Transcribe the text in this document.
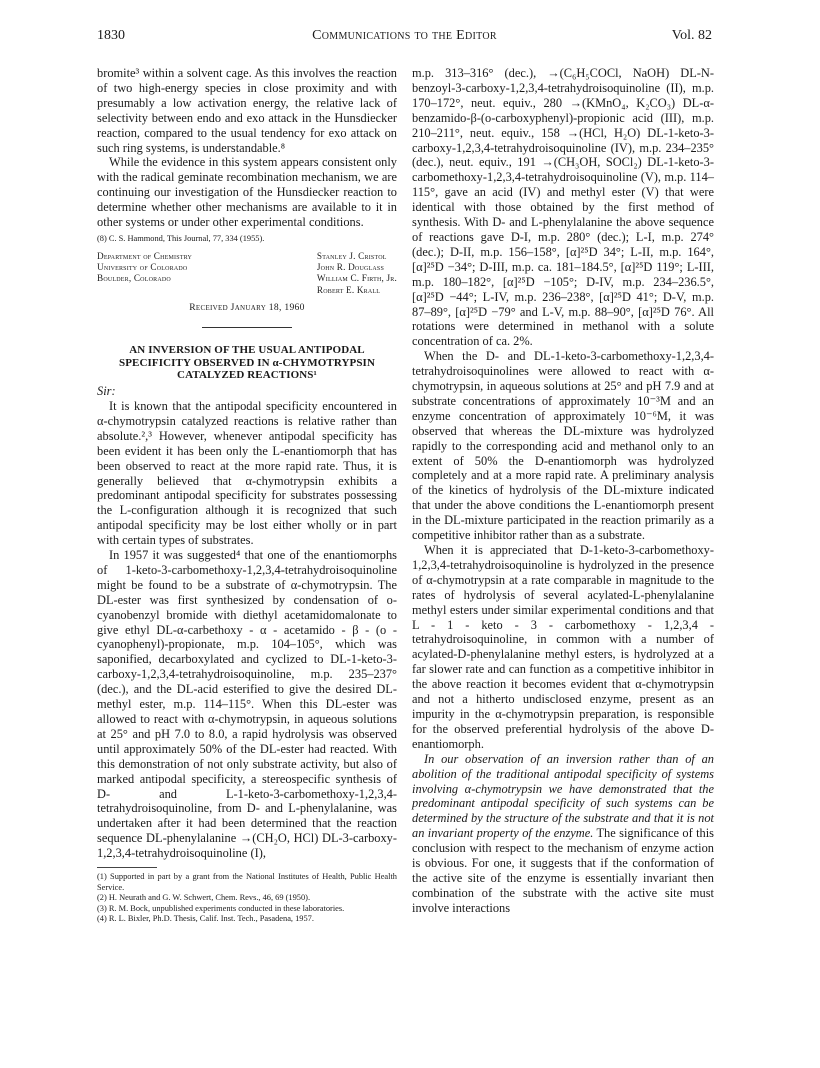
1830	Communications to the Editor	Vol. 82

bromite³ within a solvent cage. As this involves the reaction of two high-energy species in close proximity and with presumably a low activation energy, the relative lack of selectivity between endo and exo attack in the Hunsdiecker reaction, compared to the usual tendency for exo attack on such ring systems, is understandable.⁸

While the evidence in this system appears consistent only with the radical geminate recombination mechanism, we are continuing our investigation of the Hunsdiecker reaction to determine whether other mechanisms are available to it in other systems or under other experimental conditions.

(8) C. S. Hammond, This Journal, 77, 334 (1955).

Department of Chemistry
University of Colorado
Boulder, Colorado
Stanley J. Cristol
John R. Douglass
William C. Firth, Jr.
Robert E. Krall
Received January 18, 1960
AN INVERSION OF THE USUAL ANTIPODAL SPECIFICITY OBSERVED IN α-CHYMOTRYPSIN CATALYZED REACTIONS¹
Sir:

It is known that the antipodal specificity encountered in α-chymotrypsin catalyzed reactions is relative rather than absolute.²,³ However, whenever antipodal specificity has been evident it has been only the L-enantiomorph that has been observed to react at the more rapid rate. Thus, it is generally believed that α-chymotrypsin exhibits a predominant antipodal specificity for substrates possessing the L-configuration although it is recognized that such antipodal specificity may be lost either wholly or in part with certain types of substrates.

In 1957 it was suggested⁴ that one of the enantiomorphs of 1-keto-3-carbomethoxy-1,2,3,4-tetrahydroisoquinoline might be found to be a substrate of α-chymotrypsin. The DL-ester was first synthesized by condensation of o-cyanobenzyl bromide with diethyl acetamidomalonate to give ethyl DL-α-carbethoxy - α - acetamido - β - (o - cyanophenyl)-propionate, m.p. 104–105°, which was saponified, decarboxylated and cyclized to DL-1-keto-3-carboxy-1,2,3,4-tetrahydroisoquinoline, m.p. 235–237° (dec.), and the DL-acid esterified to give the desired DL-methyl ester, m.p. 114–115°. When this DL-ester was allowed to react with α-chymotrypsin, in aqueous solutions at 25° and pH 7.0 to 8.0, a rapid hydrolysis was observed until approximately 50% of the DL-ester had reacted. With this demonstration of not only substrate activity, but also of marked antipodal specificity, a stereospecific synthesis of D- and L-1-keto-3-carbomethoxy-1,2,3,4-tetrahydroisoquinoline, from D- and L-phenylalanine, was undertaken after it had been determined that the reaction sequence DL-phenylalanine →(CH₂O, HCl) DL-3-carboxy-1,2,3,4-tetrahydroisoquinoline (I),

(1) Supported in part by a grant from the National Institutes of Health, Public Health Service.

(2) H. Neurath and G. W. Schwert, Chem. Revs., 46, 69 (1950).

(3) R. M. Bock, unpublished experiments conducted in these laboratories.

(4) R. L. Bixler, Ph.D. Thesis, Calif. Inst. Tech., Pasadena, 1957.

m.p. 313–316° (dec.), →(C₆H₅COCl, NaOH) DL-N-benzoyl-3-carboxy-1,2,3,4-tetrahydroisoquinoline (II), m.p. 170–172°, neut. equiv., 280 →(KMnO₄, K₂CO₃) DL-α-benzamido-β-(o-carboxyphenyl)-propionic acid (III), m.p. 210–211°, neut. equiv., 158 →(HCl, H₂O) DL-1-keto-3-carboxy-1,2,3,4-tetrahydroisoquinoline (IV), m.p. 234–235° (dec.), neut. equiv., 191 →(CH₃OH, SOCl₂) DL-1-keto-3-carbomethoxy-1,2,3,4-tetrahydroisoquinoline (V), m.p. 114–115°, gave an acid (IV) and methyl ester (V) that were identical with those obtained by the first method of synthesis. With D- and L-phenylalanine the above sequence of reactions gave D-I, m.p. 280° (dec.); L-I, m.p. 274° (dec.); D-II, m.p. 156–158°, [α]²⁵D 34°; L-II, m.p. 164°, [α]²⁵D −34°; D-III, m.p. ca. 181–184.5°, [α]²⁵D 119°; L-III, m.p. 180–182°, [α]²⁵D −105°; D-IV, m.p. 234–236.5°, [α]²⁵D −44°; L-IV, m.p. 236–238°, [α]²⁵D 41°; D-V, m.p. 87–89°, [α]²⁵D −79° and L-V, m.p. 88–90°, [α]²⁵D 76°. All rotations were determined in methanol with a solute concentration of ca. 2%.

When the D- and DL-1-keto-3-carbomethoxy-1,2,3,4-tetrahydroisoquinolines were allowed to react with α-chymotrypsin, in aqueous solutions at 25° and pH 7.9 and at substrate concentrations of approximately 10⁻³M and an enzyme concentration of approximately 10⁻⁶M, it was observed that whereas the DL-mixture was hydrolyzed rapidly to the corresponding acid and methanol only to an extent of 50% the D-enantiomorph was hydrolyzed completely and at a more rapid rate. A preliminary analysis of the kinetics of hydrolysis of the DL-mixture indicated that under the above conditions the L-enantiomorph present in the DL-mixture participated in the reaction primarily as a competitive inhibitor rather than as a substrate.

When it is appreciated that D-1-keto-3-carbomethoxy-1,2,3,4-tetrahydroisoquinoline is hydrolyzed in the presence of α-chymotrypsin at a rate comparable in magnitude to the rates of hydrolysis of several acylated-L-phenylalanine methyl esters under similar experimental conditions and that L - 1 - keto - 3 - carbomethoxy - 1,2,3,4 - tetrahydroisoquinoline, in common with a number of acylated-D-phenylalanine methyl esters, is hydrolyzed at a far slower rate and can function as a competitive inhibitor in the above reaction it becomes evident that α-chymotrypsin and not a hitherto undisclosed enzyme, present as an impurity in the α-chymotrypsin preparation, is responsible for the observed preferential hydrolysis of the above D-enantiomorph.

In our observation of an inversion rather than of an abolition of the traditional antipodal specificity of systems involving α-chymotrypsin we have demonstrated that the predominant antipodal specificity of such systems can be determined by the structure of the substrate and that it is not an invariant property of the enzyme. The significance of this conclusion with respect to the mechanism of enzyme action is obvious. For one, it suggests that if the conformation of the active site of the enzyme is essentially invariant then combination of the substrate with the active site must involve interactions
